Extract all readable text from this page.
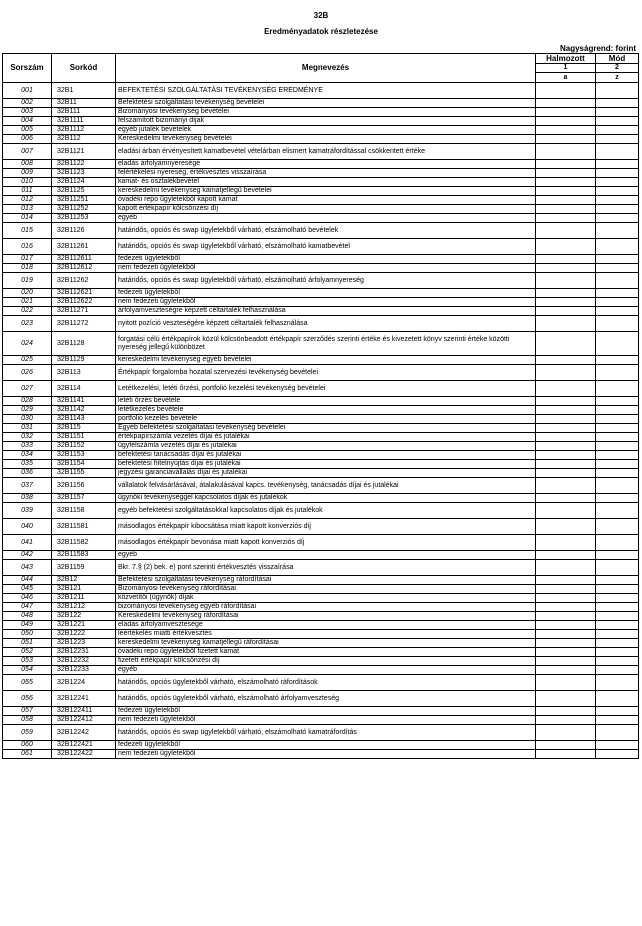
32B
Eredményadatok részletezése
Nagyságrend: forint
Sorszám	Sorkód	Megnevezés	Halmozott	Mód
			1	2
			a	z
001	32B1	BEFEKTETÉSI SZOLGÁLTATÁSI TEVÉKENYSÉG EREDMÉNYE		
002	32B11	Befektetési szolgáltatási tevékenység bevételei		
003	32B111	Bizományosi tevékenység bevételei		
004	32B1111	felszámított bizományi díjak		
005	32B1112	egyéb jutalék bevételek		
006	32B112	Kereskedelmi tevékenység bevételei		
007	32B1121	eladási árban érvényesített kamatbevétel vételárban elismert kamatráfordítással csökkentett értéke		
008	32B1122	eladás árfolyamnyeresége		
009	32B1123	felértékelési nyereség, értékvesztés visszaírása		
010	32B1124	kamat- és osztalékbevétel		
011	32B1125	kereskedelmi tevékenység kamatjellegű bevételei		
012	32B11251	óvadéki repo ügyletekből kapott kamat		
013	32B11252	kapott értékpapír kölcsönzési díj		
014	32B11253	egyéb		
015	32B1126	határidős, opciós és swap ügyletekből várható, elszámolható bevételek		
016	32B11261	határidős, opciós és swap ügyletekből várható, elszámolható kamatbevétel		
017	32B112611	fedezeti ügyletekből		
018	32B112612	nem fedezeti ügyletekből		
019	32B11262	határidős, opciós és swap ügyletekből várható, elszámolható árfolyamnyereség		
020	32B112621	fedezeti ügyletekből		
021	32B112622	nem fedezeti ügyletekből		
022	32B11271	árfolyamveszteségre képzett céltartalék felhasználása		
023	32B11272	nyitott pozíció veszteségére képzett céltartalék felhasználása		
024	32B1128	forgatási célú értékpapírok közül kölcsönbeadott értékpapír szerződés szerinti értéke és kivezetett könyv szerinti értéke közötti nyereség jellegű különbözet		
025	32B1129	kereskedelmi tevékenység egyéb bevételei		
026	32B113	Értékpapír forgalomba hozatal szervezési tevékenység bevételei		
027	32B114	Letétkezelési, letéti őrzési, portfolió kezelési tevékenység bevételei		
028	32B1141	letéti őrzés bevétele		
029	32B1142	letétkezelés bevétele		
030	32B1143	portfolió kezelés bevétele		
031	32B115	Egyéb befektetési szolgáltatási tevékenység bevételei		
032	32B1151	értékpapírszámla vezetés díjai és jutalékai		
033	32B1152	ügyfélszámla vezetés díjai és jutalékai		
034	32B1153	befektetési tanácsadás díjai és jutalékai		
035	32B1154	befektetési hitelnyújtás díjai és jutalékai		
036	32B1155	jegyzési garanciavállalás díjai és jutalékai		
037	32B1156	vállalatok felvásárlásával, átalakulásával kapcs. tevékenység, tanácsadás díjai és jutalékai		
038	32B1157	ügynöki tevékenységgel kapcsolatos díjak és jutalékok		
039	32B1158	egyéb befektetési szolgáltatásokkal kapcsolatos díjak és jutalékok		
040	32B11581	másodlagos értékpapír kibocsátása miatt kapott konverziós díj		
041	32B11582	másodlagos értékpapír bevonása miatt kapott konverziós díj		
042	32B11583	egyéb		
043	32B1159	Bkr. 7.§ (2) bek. e) pont szerinti értékvesztés visszaírása		
044	32B12	Befektetési szolgáltatási tevékenység ráfordításai		
045	32B121	Bizományosi tevékenység ráfordításai		
046	32B1211	közvetítői (ügynök) díjak		
047	32B1212	bizományosi tevékenység egyéb ráfordításai		
048	32B122	Kereskedelmi tevékenység ráfordításai		
049	32B1221	eladás árfolyamvesztesége		
050	32B1222	leértékelés miatti értékvesztés		
051	32B1223	kereskedelmi tevékenység kamatjellegű ráfordításai		
052	32B12231	óvadéki repo ügyletekből fizetett kamat		
053	32B12232	fizetett értékpapír kölcsönzési díj		
054	32B12233	egyéb		
055	32B1224	határidős, opciós ügyletekből várható, elszámolható ráfordítások		
056	32B12241	határidős, opciós ügyletekből várható, elszámolható árfolyamveszteség		
057	32B122411	fedezeti ügyletekből		
058	32B122412	nem fedezeti ügyletekből		
059	32B12242	határidős, opciós és swap ügyletekből várható, elszámolható kamatráfordítás		
060	32B122421	fedezeti ügyletekből		
061	32B122422	nem fedezeti ügyletekből		
